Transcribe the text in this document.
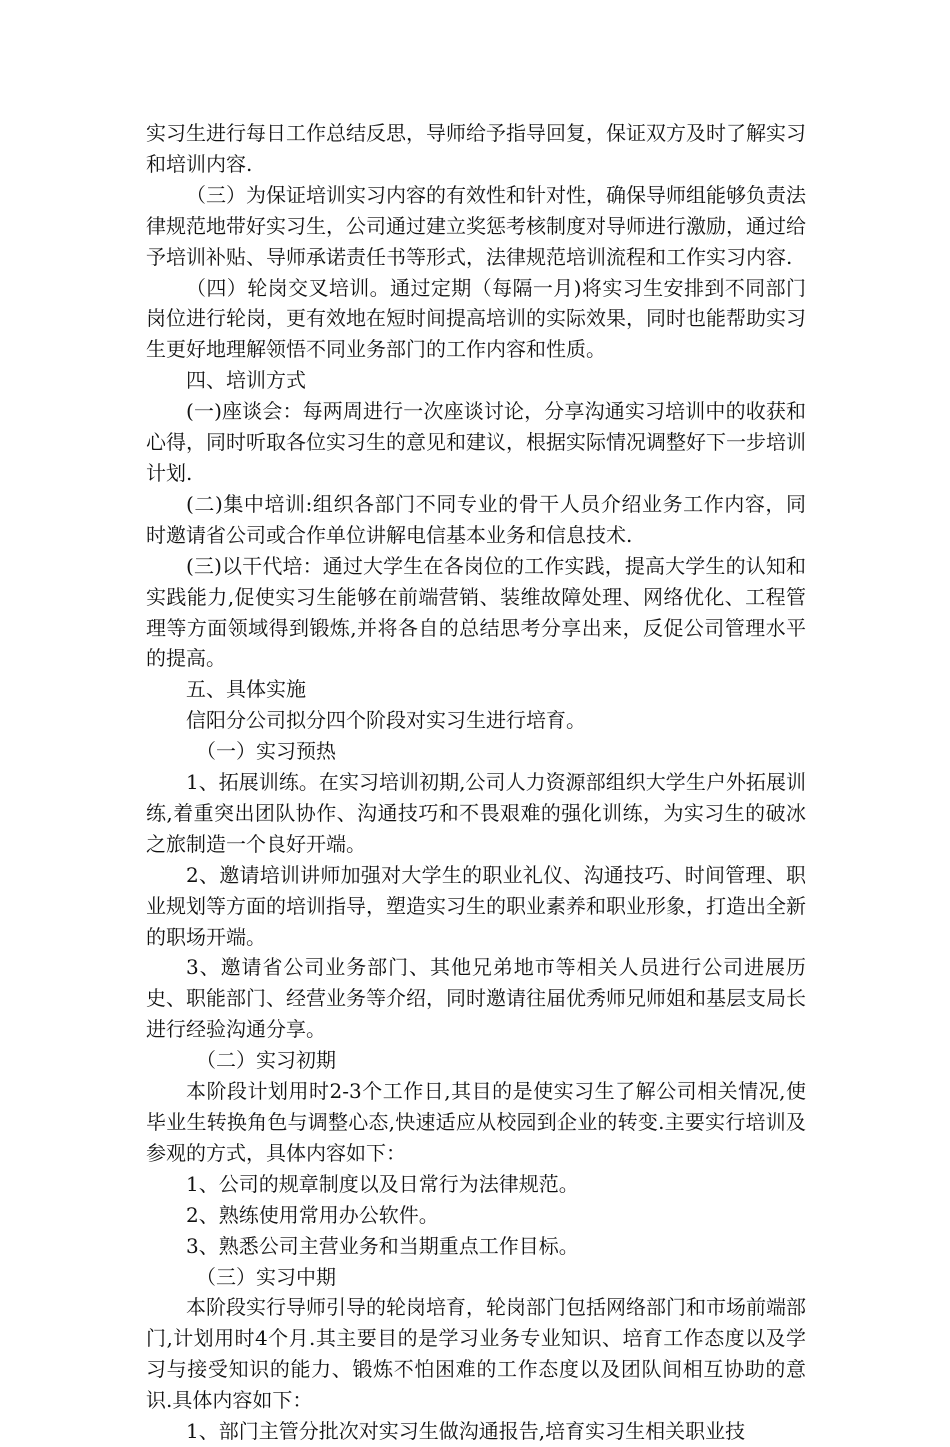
实习生进行每日工作总结反思，导师给予指导回复，保证双方及时了解实习和培训内容.

（三）为保证培训实习内容的有效性和针对性，确保导师组能够负责法律规范地带好实习生，公司通过建立奖惩考核制度对导师进行激励，通过给予培训补贴、导师承诺责任书等形式，法律规范培训流程和工作实习内容.

（四）轮岗交叉培训。通过定期（每隔一月)将实习生安排到不同部门岗位进行轮岗，更有效地在短时间提高培训的实际效果，同时也能帮助实习生更好地理解领悟不同业务部门的工作内容和性质。

四、培训方式

(一)座谈会：每两周进行一次座谈讨论，分享沟通实习培训中的收获和心得，同时听取各位实习生的意见和建议，根据实际情况调整好下一步培训计划.

(二)集中培训:组织各部门不同专业的骨干人员介绍业务工作内容，同时邀请省公司或合作单位讲解电信基本业务和信息技术.

(三)以干代培：通过大学生在各岗位的工作实践，提高大学生的认知和实践能力,促使实习生能够在前端营销、装维故障处理、网络优化、工程管理等方面领域得到锻炼,并将各自的总结思考分享出来，反促公司管理水平的提高。

五、具体实施

信阳分公司拟分四个阶段对实习生进行培育。

（一）实习预热

1、拓展训练。在实习培训初期,公司人力资源部组织大学生户外拓展训练,着重突出团队协作、沟通技巧和不畏艰难的强化训练，为实习生的破冰之旅制造一个良好开端。

2、邀请培训讲师加强对大学生的职业礼仪、沟通技巧、时间管理、职业规划等方面的培训指导，塑造实习生的职业素养和职业形象，打造出全新的职场开端。

3、邀请省公司业务部门、其他兄弟地市等相关人员进行公司进展历史、职能部门、经营业务等介绍，同时邀请往届优秀师兄师姐和基层支局长进行经验沟通分享。

（二）实习初期

本阶段计划用时2-3个工作日,其目的是使实习生了解公司相关情况,使毕业生转换角色与调整心态,快速适应从校园到企业的转变.主要实行培训及参观的方式，具体内容如下：

1、公司的规章制度以及日常行为法律规范。

2、熟练使用常用办公软件。

3、熟悉公司主营业务和当期重点工作目标。

（三）实习中期

本阶段实行导师引导的轮岗培育，轮岗部门包括网络部门和市场前端部门,计划用时4个月.其主要目的是学习业务专业知识、培育工作态度以及学习与接受知识的能力、锻炼不怕困难的工作态度以及团队间相互协助的意识.具体内容如下：

1、部门主管分批次对实习生做沟通报告,培育实习生相关职业技
